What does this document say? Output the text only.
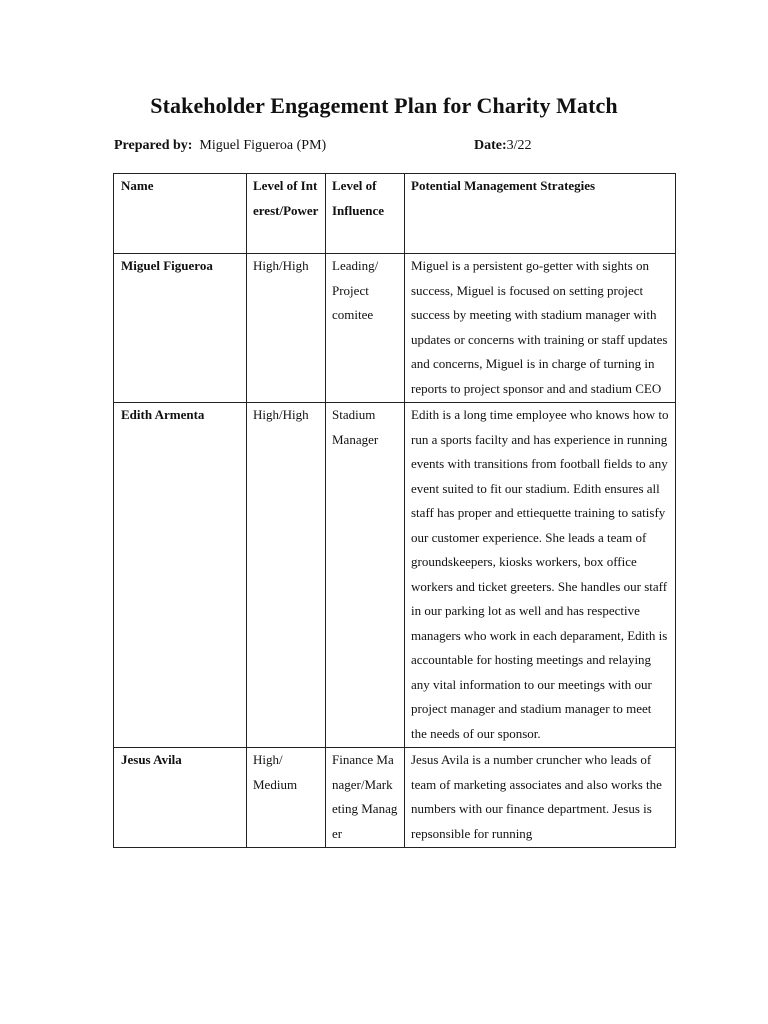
Stakeholder Engagement Plan for Charity Match
Prepared by: Miguel Figueroa (PM)	Date:3/22
Name	Level of Interest/Power	Level of Influence	Potential Management Strategies
Miguel Figueroa	High/High	Leading/ Project comitee	Miguel is a persistent go-getter with sights on success, Miguel is focused on setting project success by meeting with stadium manager with updates or concerns with training or staff updates and concerns, Miguel is in charge of turning in reports to project sponsor and and stadium CEO
Edith Armenta	High/High	Stadium Manager	Edith is a long time employee who knows how to run a sports facilty and has experience in running events with transitions from football fields to any event suited to fit our stadium. Edith ensures all staff has proper and ettiequette training to satisfy our customer experience. She leads a team of groundskeepers, kiosks workers, box office workers and ticket greeters. She handles our staff in our parking lot as well and has respective managers who work in each deparament, Edith is accountable for hosting meetings and relaying any vital information to our meetings with our project manager and stadium manager to meet the needs of our sponsor.
Jesus Avila	High/ Medium	Finance Manager/Marketing Manager	Jesus Avila is a number cruncher who leads of team of marketing associates and also works the numbers with our finance department. Jesus is repsonsible for running
